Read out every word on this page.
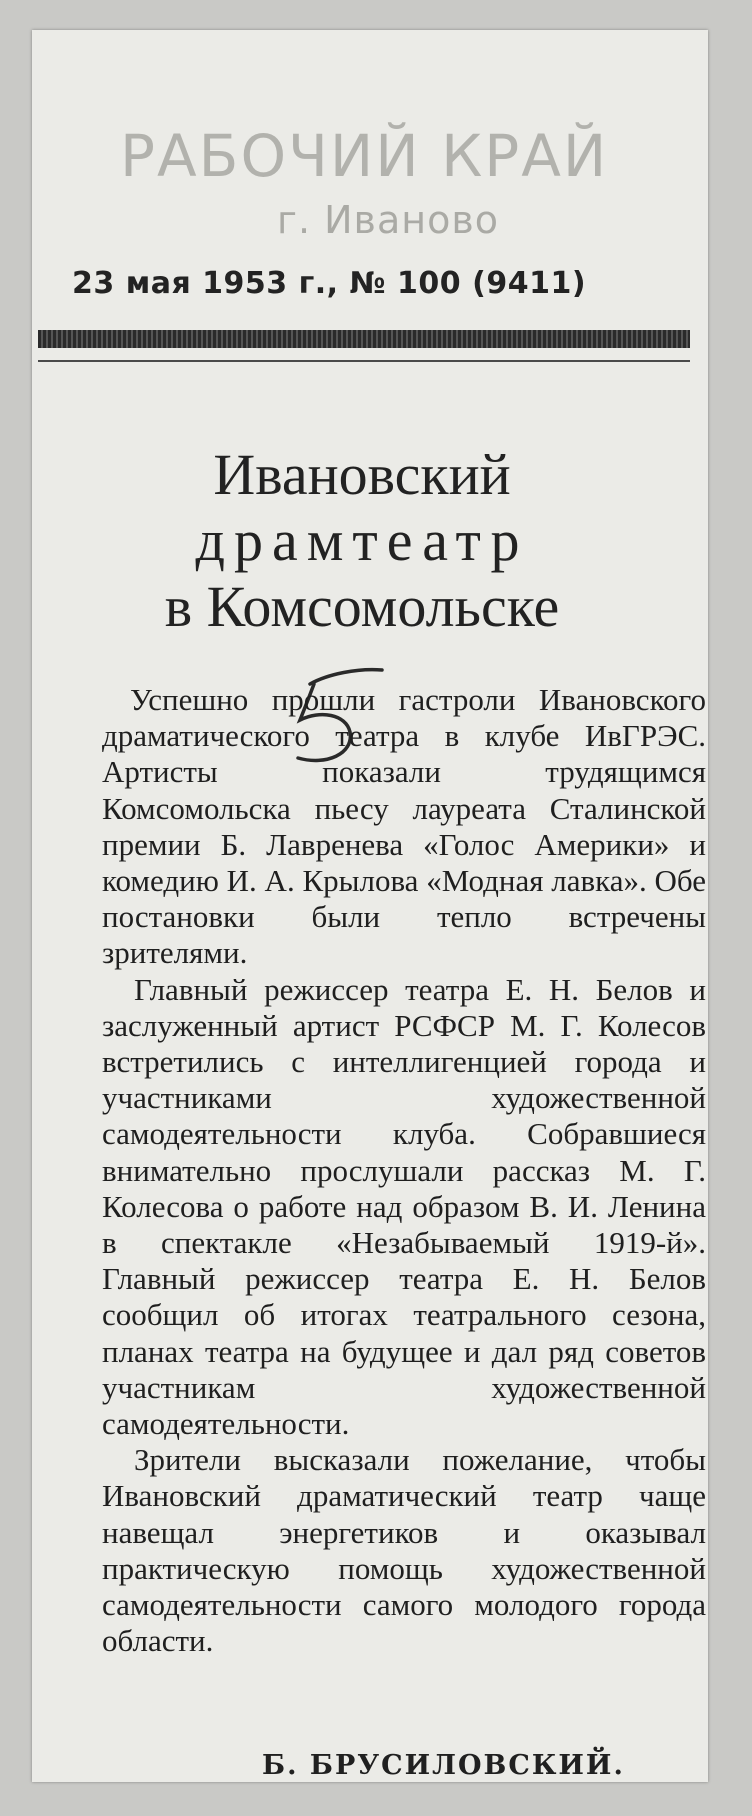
РАБОЧИЙ КРАЙ
г. Иваново
23 мая 1953 г., № 100 (9411)
Ивановский
драмтеатр
в Комсомольске

Успешно прошли гастроли Ивановского драматического театра в клубе ИвГРЭС. Артисты показали трудящимся Комсомольска пьесу лауреата Сталинской премии Б. Лавренева «Голос Америки» и комедию И. А. Крылова «Модная лавка». Обе постановки были тепло встречены зрителями.

Главный режиссер театра Е. Н. Белов и заслуженный артист РСФСР М. Г. Колесов встретились с интеллигенцией города и участниками художественной самодеятельности клуба. Собравшиеся внимательно прослушали рассказ М. Г. Колесова о работе над образом В. И. Ленина в спектакле «Незабываемый 1919-й». Главный режиссер театра Е. Н. Белов сообщил об итогах театрального сезона, планах театра на будущее и дал ряд советов участникам художественной самодеятельности.

Зрители высказали пожелание, чтобы Ивановский драматический театр чаще навещал энергетиков и оказывал практическую помощь художественной самодеятельности самого молодого города области.

Б. БРУСИЛОВСКИЙ.
